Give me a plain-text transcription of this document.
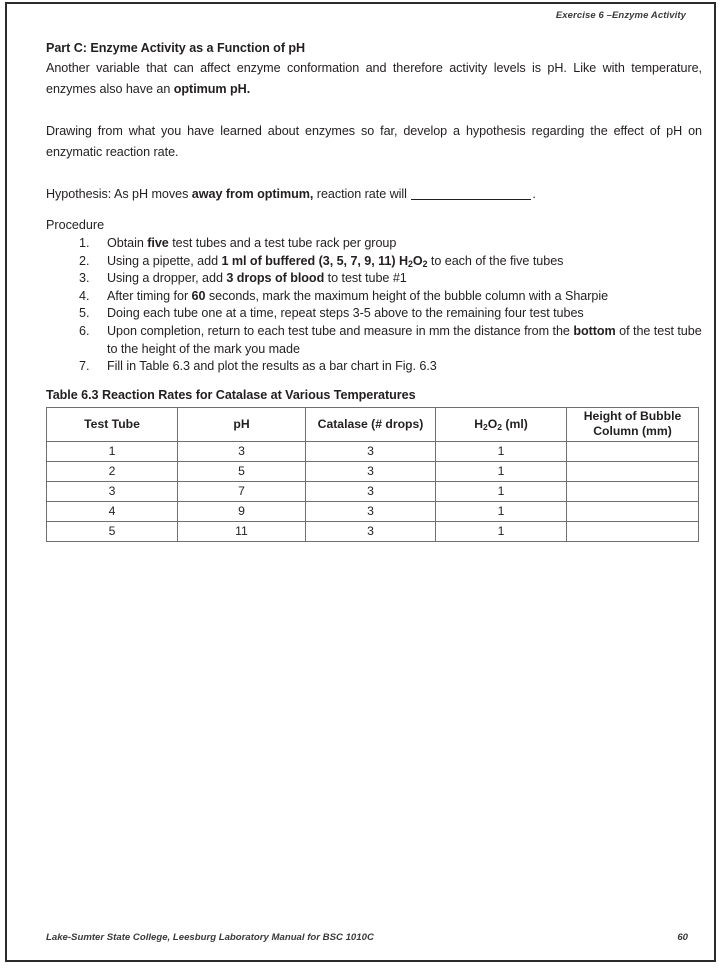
Exercise 6 –Enzyme Activity
Part C: Enzyme Activity as a Function of pH

Another variable that can affect enzyme conformation and therefore activity levels is pH. Like with temperature, enzymes also have an optimum pH.

Drawing from what you have learned about enzymes so far, develop a hypothesis regarding the effect of pH on enzymatic reaction rate.

Hypothesis: As pH moves away from optimum, reaction rate will	.

Procedure

1.	Obtain five test tubes and a test tube rack per group
2.	Using a pipette, add 1 ml of buffered (3, 5, 7, 9, 11) $H_2O_2$ to each of the five tubes
3.	Using a dropper, add 3 drops of blood to test tube #1
4.	After timing for 60 seconds, mark the maximum height of the bubble column with a Sharpie
5.	Doing each tube one at a time, repeat steps 3-5 above to the remaining four test tubes
6.	Upon completion, return to each test tube and measure in mm the distance from the bottom of the test tube to the height of the mark you made
7.	Fill in Table 6.3 and plot the results as a bar chart in Fig. 6.3

Table 6.3 Reaction Rates for Catalase at Various Temperatures

Test Tube	pH	Catalase (# drops)	$H_2O_2$ (ml)	Height of Bubble
Column (mm)
1	3	3	1	
2	5	3	1	
3	7	3	1	
4	9	3	1	
5	11	3	1	
Lake-Sumter State College, Leesburg Laboratory Manual for BSC 1010C	60
